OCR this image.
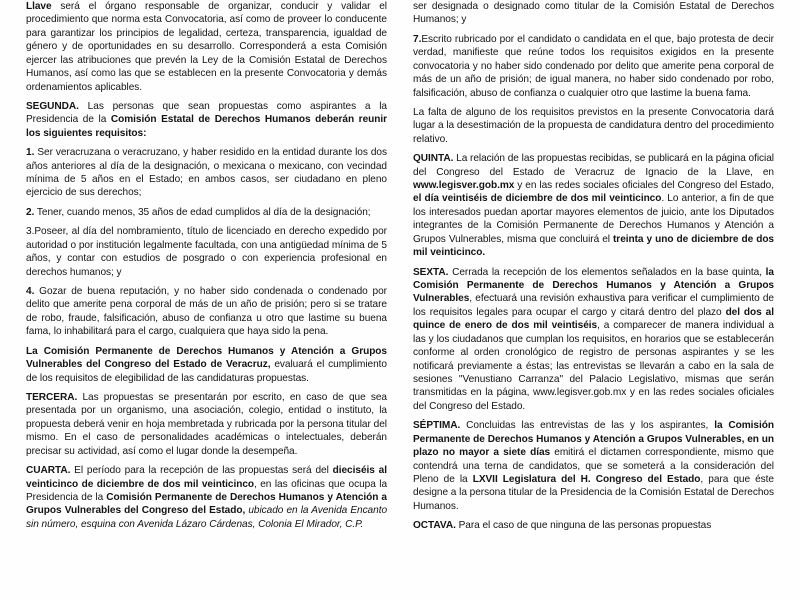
Llave será el órgano responsable de organizar, conducir y validar el procedimiento que norma esta Convocatoria, así como de proveer lo conducente para garantizar los principios de legalidad, certeza, transparencia, igualdad de género y de oportunidades en su desarrollo. Corresponderá a esta Comisión ejercer las atribuciones que prevén la Ley de la Comisión Estatal de Derechos Humanos, así como las que se establecen en la presente Convocatoria y demás ordenamientos aplicables.

SEGUNDA. Las personas que sean propuestas como aspirantes a la Presidencia de la Comisión Estatal de Derechos Humanos deberán reunir los siguientes requisitos:

1. Ser veracruzana o veracruzano, y haber residido en la entidad durante los dos años anteriores al día de la designación, o mexicana o mexicano, con vecindad mínima de 5 años en el Estado; en ambos casos, ser ciudadano en pleno ejercicio de sus derechos;

2. Tener, cuando menos, 35 años de edad cumplidos al día de la designación;

3.Poseer, al día del nombramiento, título de licenciado en derecho expedido por autoridad o por institución legalmente facultada, con una antigüedad mínima de 5 años, y contar con estudios de posgrado o con experiencia profesional en derechos humanos; y

4. Gozar de buena reputación, y no haber sido condenada o condenado por delito que amerite pena corporal de más de un año de prisión; pero si se tratare de robo, fraude, falsificación, abuso de confianza u otro que lastime su buena fama, lo inhabilitará para el cargo, cualquiera que haya sido la pena.

La Comisión Permanente de Derechos Humanos y Atención a Grupos Vulnerables del Congreso del Estado de Veracruz, evaluará el cumplimiento de los requisitos de elegibilidad de las candidaturas propuestas.

TERCERA. Las propuestas se presentarán por escrito, en caso de que sea presentada por un organismo, una asociación, colegio, entidad o instituto, la propuesta deberá venir en hoja membretada y rubricada por la persona titular del mismo. En el caso de personalidades académicas o intelectuales, deberán precisar su actividad, así como el lugar donde la desempeña.

CUARTA. El período para la recepción de las propuestas será del dieciséis al veinticinco de diciembre de dos mil veinticinco, en las oficinas que ocupa la Presidencia de la Comisión Permanente de Derechos Humanos y Atención a Grupos Vulnerables del Congreso del Estado, ubicado en la Avenida Encanto sin número, esquina con Avenida Lázaro Cárdenas, Colonia El Mirador, C.P.

ser designada o designado como titular de la Comisión Estatal de Derechos Humanos; y

7.Escrito rubricado por el candidato o candidata en el que, bajo protesta de decir verdad, manifieste que reúne todos los requisitos exigidos en la presente convocatoria y no haber sido condenado por delito que amerite pena corporal de más de un año de prisión; de igual manera, no haber sido condenado por robo, falsificación, abuso de confianza o cualquier otro que lastime la buena fama.

La falta de alguno de los requisitos previstos en la presente Convocatoria dará lugar a la desestimación de la propuesta de candidatura dentro del procedimiento relativo.

QUINTA. La relación de las propuestas recibidas, se publicará en la página oficial del Congreso del Estado de Veracruz de Ignacio de la Llave, en www.legisver.gob.mx y en las redes sociales oficiales del Congreso del Estado, el día veintiséis de diciembre de dos mil veinticinco. Lo anterior, a fin de que los interesados puedan aportar mayores elementos de juicio, ante los Diputados integrantes de la Comisión Permanente de Derechos Humanos y Atención a Grupos Vulnerables, misma que concluirá el treinta y uno de diciembre de dos mil veinticinco.

SEXTA. Cerrada la recepción de los elementos señalados en la base quinta, la Comisión Permanente de Derechos Humanos y Atención a Grupos Vulnerables, efectuará una revisión exhaustiva para verificar el cumplimiento de los requisitos legales para ocupar el cargo y citará dentro del plazo del dos al quince de enero de dos mil veintiséis, a comparecer de manera individual a las y los ciudadanos que cumplan los requisitos, en horarios que se establecerán conforme al orden cronológico de registro de personas aspirantes y se les notificará previamente a éstas; las entrevistas se llevarán a cabo en la sala de sesiones "Venustiano Carranza" del Palacio Legislativo, mismas que serán transmitidas en la página, www.legisver.gob.mx y en las redes sociales oficiales del Congreso del Estado.

SÉPTIMA. Concluidas las entrevistas de las y los aspirantes, la Comisión Permanente de Derechos Humanos y Atención a Grupos Vulnerables, en un plazo no mayor a siete días emitirá el dictamen correspondiente, mismo que contendrá una terna de candidatos, que se someterá a la consideración del Pleno de la LXVII Legislatura del H. Congreso del Estado, para que éste designe a la persona titular de la Presidencia de la Comisión Estatal de Derechos Humanos.

OCTAVA. Para el caso de que ninguna de las personas propuestas
